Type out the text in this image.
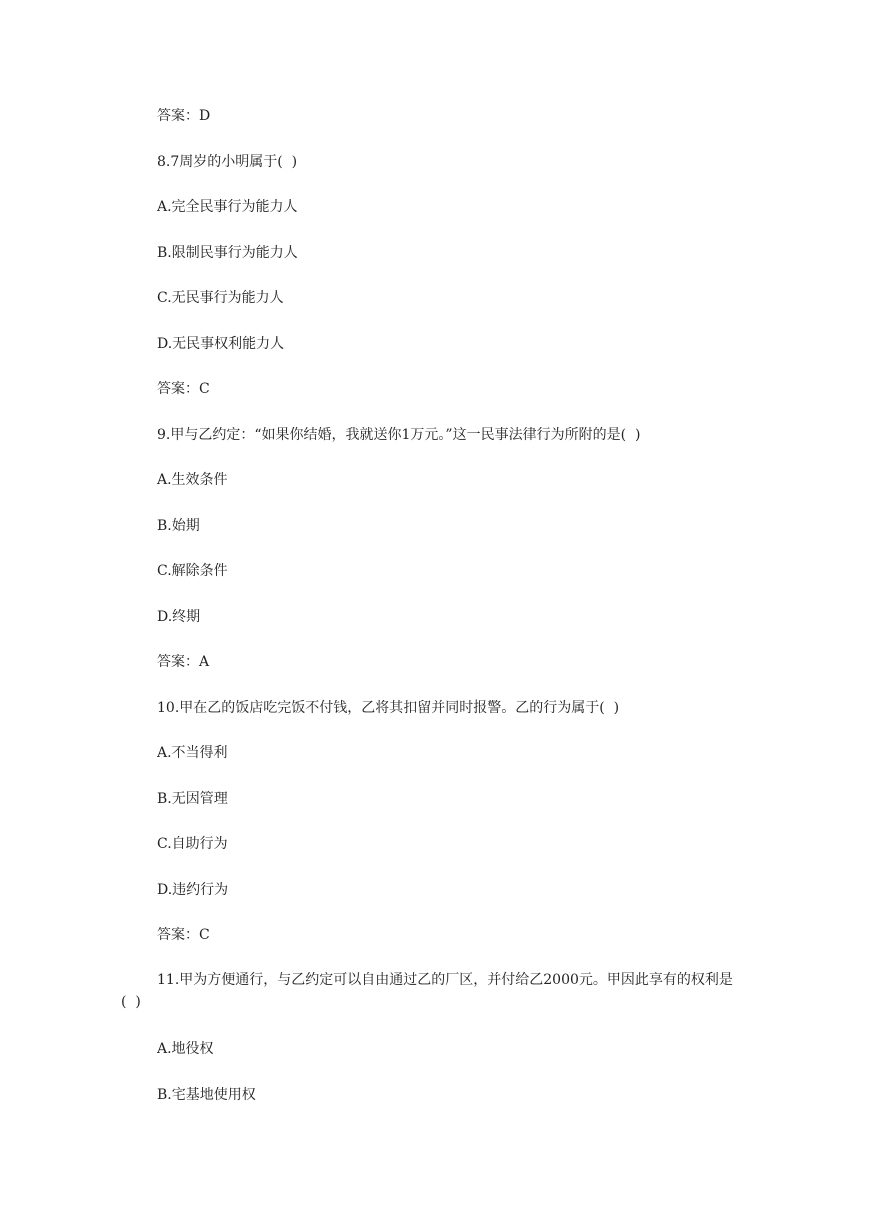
答案：D
8.7周岁的小明属于(  )
A.完全民事行为能力人
B.限制民事行为能力人
C.无民事行为能力人
D.无民事权利能力人
答案：C
9.甲与乙约定：“如果你结婚，我就送你1万元。”这一民事法律行为所附的是(  )
A.生效条件
B.始期
C.解除条件
D.终期
答案：A
10.甲在乙的饭店吃完饭不付钱，乙将其扣留并同时报警。乙的行为属于(  )
A.不当得利
B.无因管理
C.自助行为
D.违约行为
答案：C
11.甲为方便通行，与乙约定可以自由通过乙的厂区，并付给乙2000元。甲因此享有的权利是(  )
A.地役权
B.宅基地使用权
